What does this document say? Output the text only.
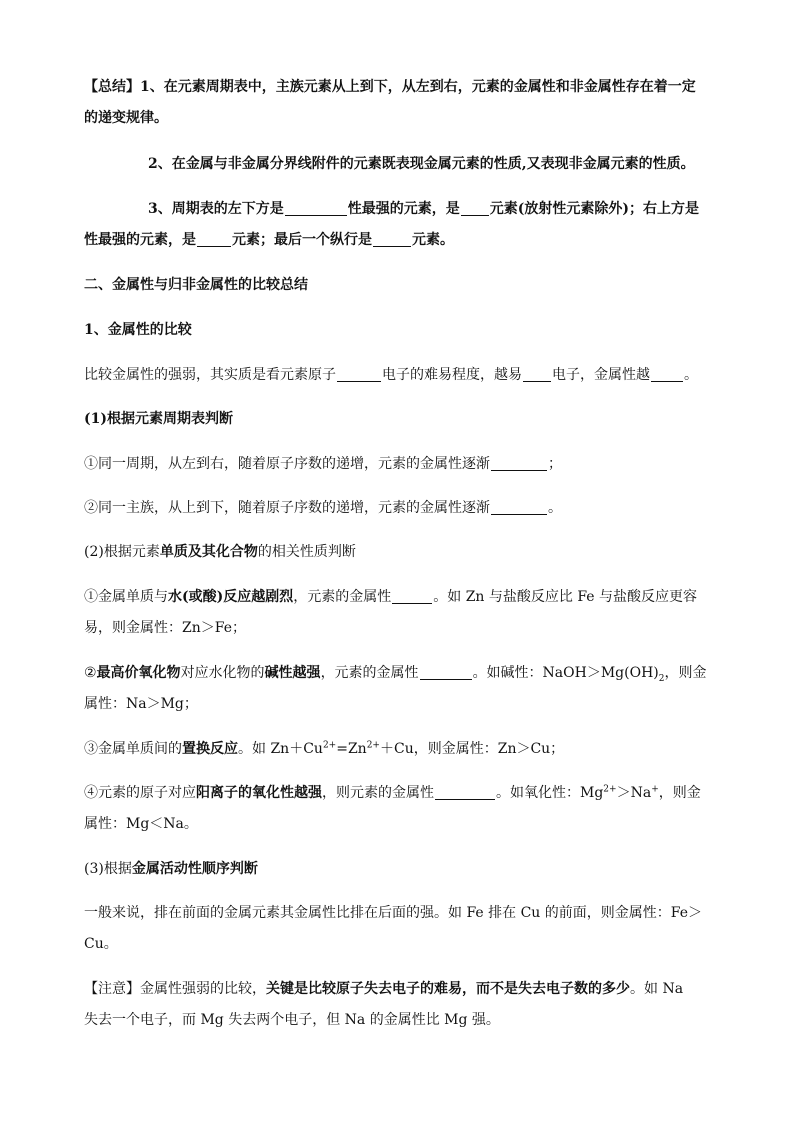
【总结】1、在元素周期表中，主族元素从上到下，从左到右，元素的金属性和非金属性存在着一定
的递变规律。
2、在金属与非金属分界线附件的元素既表现金属元素的性质,又表现非金属元素的性质。
3、周期表的左下方是	性最强的元素，是 元素(放射性元素除外)；右上方是
性最强的元素，是	元素；最后一个纵行是	元素。
二、金属性与归非金属性的比较总结
1、金属性的比较
比较金属性的强弱，其实质是看元素原子	电子的难易程度，越易 电子，金属性越 。
(1)根据元素周期表判断
①同一周期，从左到右，随着原子序数的递增，元素的金属性逐渐	；
②同一主族，从上到下，随着原子序数的递增，元素的金属性逐渐	。
(2)根据元素单质及其化合物的相关性质判断
①金属单质与水(或酸)反应越剧烈，元素的金属性	。如 Zn 与盐酸反应比 Fe 与盐酸反应更容
易，则金属性：Zn＞Fe；
②最高价氧化物对应水化物的碱性越强，元素的金属性	。如碱性：$NaOH>Mg(OH)_2$，则金
属性：Na＞Mg；
③金属单质间的置换反应。如 $Zn+Cu^{2+}=Zn^{2+}+Cu$，则金属性：Zn＞Cu；
④元素的原子对应阳离子的氧化性越强，则元素的金属性	。如氧化性：$Mg^{2+}>Na^+$，则金
属性：Mg＜Na。
(3)根据金属活动性顺序判断
一般来说，排在前面的金属元素其金属性比排在后面的强。如 Fe 排在 Cu 的前面，则金属性：Fe＞
Cu。
【注意】金属性强弱的比较，关键是比较原子失去电子的难易，而不是失去电子数的多少。如 Na
失去一个电子，而 Mg 失去两个电子，但 Na 的金属性比 Mg 强。
